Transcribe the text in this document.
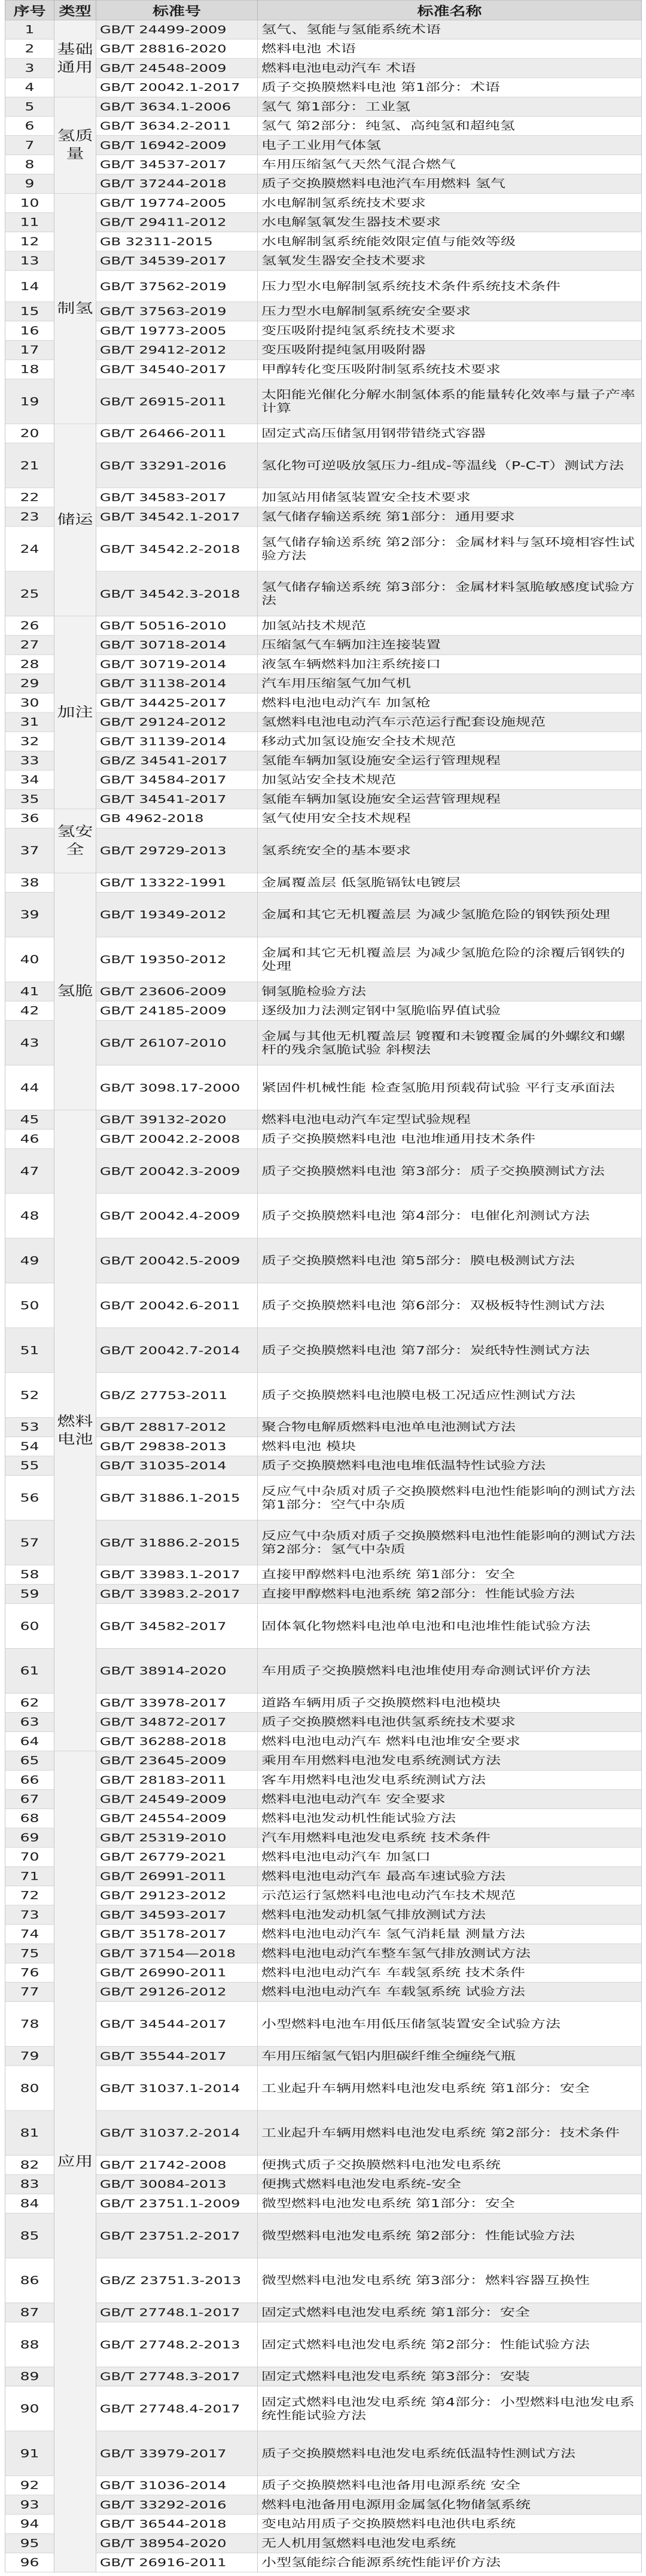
序号	类型	标准号	标准名称
1	基础通用	GB/T 24499-2009	氢气、氢能与氢能系统术语
2		GB/T 28816-2020	燃料电池 术语
3		GB/T 24548-2009	燃料电池电动汽车 术语
4		GB/T 20042.1-2017	质子交换膜燃料电池 第1部分：术语
5	氢质量	GB/T 3634.1-2006	氢气 第1部分：工业氢
6		GB/T 3634.2-2011	氢气 第2部分：纯氢、高纯氢和超纯氢
7		GB/T 16942-2009	电子工业用气体氢
8		GB/T 34537-2017	车用压缩氢气天然气混合燃气
9		GB/T 37244-2018	质子交换膜燃料电池汽车用燃料 氢气
10	制氢	GB/T 19774-2005	水电解制氢系统技术要求
11		GB/T 29411-2012	水电解氢氧发生器技术要求
12		GB 32311-2015	水电解制氢系统能效限定值与能效等级
13		GB/T 34539-2017	氢氧发生器安全技术要求
14		GB/T 37562-2019	压力型水电解制氢系统技术条件系统技术条件
15		GB/T 37563-2019	压力型水电解制氢系统安全要求
16		GB/T 19773-2005	变压吸附提纯氢系统技术要求
17		GB/T 29412-2012	变压吸附提纯氢用吸附器
18		GB/T 34540-2017	甲醇转化变压吸附制氢系统技术要求
19		GB/T 26915-2011	太阳能光催化分解水制氢体系的能量转化效率与量子产率计算
20	储运	GB/T 26466-2011	固定式高压储氢用钢带错绕式容器
21		GB/T 33291-2016	氢化物可逆吸放氢压力-组成-等温线（P-C-T）测试方法
22		GB/T 34583-2017	加氢站用储氢装置安全技术要求
23		GB/T 34542.1-2017	氢气储存输送系统 第1部分：通用要求
24		GB/T 34542.2-2018	氢气储存输送系统 第2部分：金属材料与氢环境相容性试验方法
25		GB/T 34542.3-2018	氢气储存输送系统 第3部分：金属材料氢脆敏感度试验方法
26	加注	GB/T 50516-2010	加氢站技术规范
27		GB/T 30718-2014	压缩氢气车辆加注连接装置
28		GB/T 30719-2014	液氢车辆燃料加注系统接口
29		GB/T 31138-2014	汽车用压缩氢气加气机
30		GB/T 34425-2017	燃料电池电动汽车 加氢枪
31		GB/T 29124-2012	氢燃料电池电动汽车示范运行配套设施规范
32		GB/T 31139-2014	移动式加氢设施安全技术规范
33		GB/Z 34541-2017	氢能车辆加氢设施安全运行管理规程
34		GB/T 34584-2017	加氢站安全技术规范
35		GB/T 34541-2017	氢能车辆加氢设施安全运营管理规程
36	氢安全	GB 4962-2018	氢气使用安全技术规程
37		GB/T 29729-2013	氢系统安全的基本要求
38	氢脆	GB/T 13322-1991	金属覆盖层 低氢脆镉钛电镀层
39		GB/T 19349-2012	金属和其它无机覆盖层 为减少氢脆危险的钢铁预处理
40		GB/T 19350-2012	金属和其它无机覆盖层 为减少氢脆危险的涂覆后钢铁的处理
41		GB/T 23606-2009	铜氢脆检验方法
42		GB/T 24185-2009	逐级加力法测定钢中氢脆临界值试验
43		GB/T 26107-2010	金属与其他无机覆盖层 镀覆和未镀覆金属的外螺纹和螺杆的残余氢脆试验 斜楔法
44		GB/T 3098.17-2000	紧固件机械性能 检查氢脆用预载荷试验 平行支承面法
45	燃料电池	GB/T 39132-2020	燃料电池电动汽车定型试验规程
46		GB/T 20042.2-2008	质子交换膜燃料电池 电池堆通用技术条件
47		GB/T 20042.3-2009	质子交换膜燃料电池 第3部分：质子交换膜测试方法
48		GB/T 20042.4-2009	质子交换膜燃料电池 第4部分：电催化剂测试方法
49		GB/T 20042.5-2009	质子交换膜燃料电池 第5部分：膜电极测试方法
50		GB/T 20042.6-2011	质子交换膜燃料电池 第6部分：双极板特性测试方法
51		GB/T 20042.7-2014	质子交换膜燃料电池 第7部分：炭纸特性测试方法
52		GB/Z 27753-2011	质子交换膜燃料电池膜电极工况适应性测试方法
53		GB/T 28817-2012	聚合物电解质燃料电池单电池测试方法
54		GB/T 29838-2013	燃料电池 模块
55		GB/T 31035-2014	质子交换膜燃料电池电堆低温特性试验方法
56		GB/T 31886.1-2015	反应气中杂质对质子交换膜燃料电池性能影响的测试方法 第1部分：空气中杂质
57		GB/T 31886.2-2015	反应气中杂质对质子交换膜燃料电池性能影响的测试方法 第2部分：氢气中杂质
58		GB/T 33983.1-2017	直接甲醇燃料电池系统 第1部分：安全
59		GB/T 33983.2-2017	直接甲醇燃料电池系统 第2部分：性能试验方法
60		GB/T 34582-2017	固体氧化物燃料电池单电池和电池堆性能试验方法
61		GB/T 38914-2020	车用质子交换膜燃料电池堆使用寿命测试评价方法
62		GB/T 33978-2017	道路车辆用质子交换膜燃料电池模块
63		GB/T 34872-2017	质子交换膜燃料电池供氢系统技术要求
64		GB/T 36288-2018	燃料电池电动汽车 燃料电池堆安全要求
65	应用	GB/T 23645-2009	乘用车用燃料电池发电系统测试方法
66		GB/T 28183-2011	客车用燃料电池发电系统测试方法
67		GB/T 24549-2009	燃料电池电动汽车 安全要求
68		GB/T 24554-2009	燃料电池发动机性能试验方法
69		GB/T 25319-2010	汽车用燃料电池发电系统 技术条件
70		GB/T 26779-2021	燃料电池电动汽车 加氢口
71		GB/T 26991-2011	燃料电池电动汽车 最高车速试验方法
72		GB/T 29123-2012	示范运行氢燃料电池电动汽车技术规范
73		GB/T 34593-2017	燃料电池发动机氢气排放测试方法
74		GB/T 35178-2017	燃料电池电动汽车 氢气消耗量 测量方法
75		GB/T 37154—2018	燃料电池电动汽车整车氢气排放测试方法
76		GB/T 26990-2011	燃料电池电动汽车 车载氢系统 技术条件
77		GB/T 29126-2012	燃料电池电动汽车 车载氢系统 试验方法
78		GB/T 34544-2017	小型燃料电池车用低压储氢装置安全试验方法
79		GB/T 35544-2017	车用压缩氢气铝内胆碳纤维全缠绕气瓶
80		GB/T 31037.1-2014	工业起升车辆用燃料电池发电系统 第1部分：安全
81		GB/T 31037.2-2014	工业起升车辆用燃料电池发电系统 第2部分：技术条件
82		GB/T 21742-2008	便携式质子交换膜燃料电池发电系统
83		GB/T 30084-2013	便携式燃料电池发电系统-安全
84		GB/T 23751.1-2009	微型燃料电池发电系统 第1部分：安全
85		GB/T 23751.2-2017	微型燃料电池发电系统 第2部分：性能试验方法
86		GB/Z 23751.3-2013	微型燃料电池发电系统 第3部分：燃料容器互换性
87		GB/T 27748.1-2017	固定式燃料电池发电系统 第1部分：安全
88		GB/T 27748.2-2013	固定式燃料电池发电系统 第2部分：性能试验方法
89		GB/T 27748.3-2017	固定式燃料电池发电系统 第3部分：安装
90		GB/T 27748.4-2017	固定式燃料电池发电系统 第4部分：小型燃料电池发电系统性能试验方法
91		GB/T 33979-2017	质子交换膜燃料电池发电系统低温特性测试方法
92		GB/T 31036-2014	质子交换膜燃料电池备用电源系统 安全
93		GB/T 33292-2016	燃料电池备用电源用金属氢化物储氢系统
94		GB/T 36544-2018	变电站用质子交换膜燃料电池供电系统
95		GB/T 38954-2020	无人机用氢燃料电池发电系统
96		GB/T 26916-2011	小型氢能综合能源系统性能评价方法
